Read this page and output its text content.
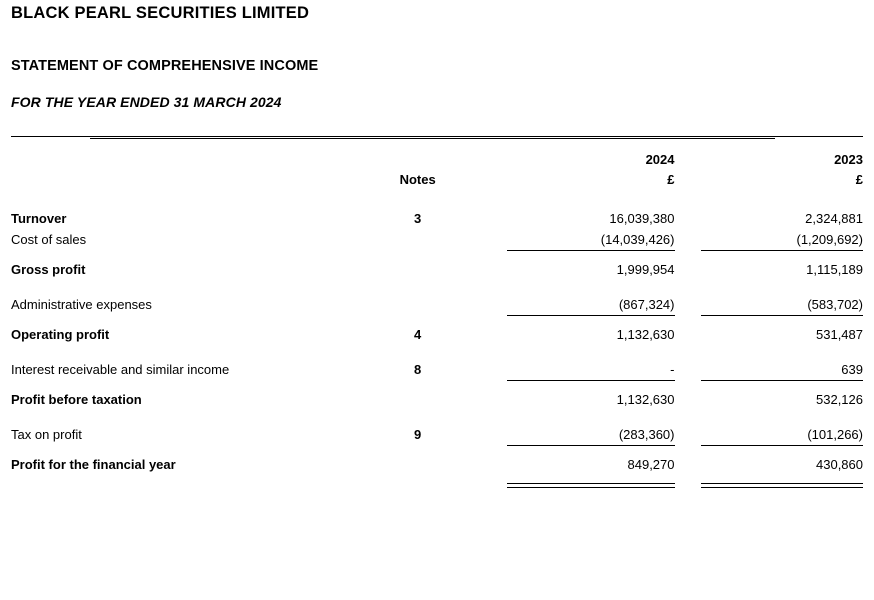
BLACK PEARL SECURITIES LIMITED
STATEMENT OF COMPREHENSIVE INCOME
FOR THE YEAR ENDED 31 MARCH 2024
			2024		2023
	Notes		£		£

Turnover	3		16,039,380		2,324,881
Cost of sales			(14,039,426)		(1,209,692)

Gross profit			1,999,954		1,115,189

Administrative expenses			(867,324)		(583,702)

Operating profit	4		1,132,630		531,487

Interest receivable and similar income	8		-		639

Profit before taxation			1,132,630		532,126

Tax on profit	9		(283,360)		(101,266)

Profit for the financial year			849,270		430,860
